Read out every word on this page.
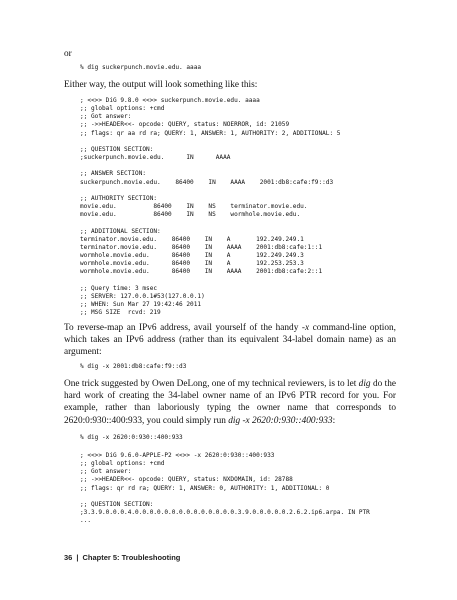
or
% dig suckerpunch.movie.edu. aaaa
Either way, the output will look something like this:
; <<>> DiG 9.8.0 <<>> suckerpunch.movie.edu. aaaa
;; global options: +cmd
;; Got answer:
;; ->>HEADER<<- opcode: QUERY, status: NOERROR, id: 21059
;; flags: qr aa rd ra; QUERY: 1, ANSWER: 1, AUTHORITY: 2, ADDITIONAL: 5

;; QUESTION SECTION:
;suckerpunch.movie.edu.      IN      AAAA

;; ANSWER SECTION:
suckerpunch.movie.edu.    86400    IN    AAAA    2001:db8:cafe:f9::d3

;; AUTHORITY SECTION:
movie.edu.          86400    IN    NS    terminator.movie.edu.
movie.edu.          86400    IN    NS    wormhole.movie.edu.

;; ADDITIONAL SECTION:
terminator.movie.edu.    86400    IN    A       192.249.249.1
terminator.movie.edu.    86400    IN    AAAA    2001:db8:cafe:1::1
wormhole.movie.edu.      86400    IN    A       192.249.249.3
wormhole.movie.edu.      86400    IN    A       192.253.253.3
wormhole.movie.edu.      86400    IN    AAAA    2001:db8:cafe:2::1

;; Query time: 3 msec
;; SERVER: 127.0.0.1#53(127.0.0.1)
;; WHEN: Sun Mar 27 19:42:46 2011
;; MSG SIZE  rcvd: 219
To reverse-map an IPv6 address, avail yourself of the handy -x command-line option, which takes an IPv6 address (rather than its equivalent 34-label domain name) as an argument:
% dig -x 2001:db8:cafe:f9::d3
One trick suggested by Owen DeLong, one of my technical reviewers, is to let dig do the hard work of creating the 34-label owner name of an IPv6 PTR record for you. For example, rather than laboriously typing the owner name that corresponds to 2620:0:930::400:933, you could simply run dig -x 2620:0:930::400:933:
% dig -x 2620:0:930::400:933
; <<>> DiG 9.6.0-APPLE-P2 <<>> -x 2620:0:930::400:933
;; global options: +cmd
;; Got answer:
;; ->>HEADER<<- opcode: QUERY, status: NXDOMAIN, id: 28788
;; flags: qr rd ra; QUERY: 1, ANSWER: 0, AUTHORITY: 1, ADDITIONAL: 0

;; QUESTION SECTION:
;3.3.9.0.0.0.4.0.0.0.0.0.0.0.0.0.0.0.0.0.0.3.9.0.0.0.0.0.2.6.2.ip6.arpa. IN PTR
...
36 | Chapter 5: Troubleshooting
